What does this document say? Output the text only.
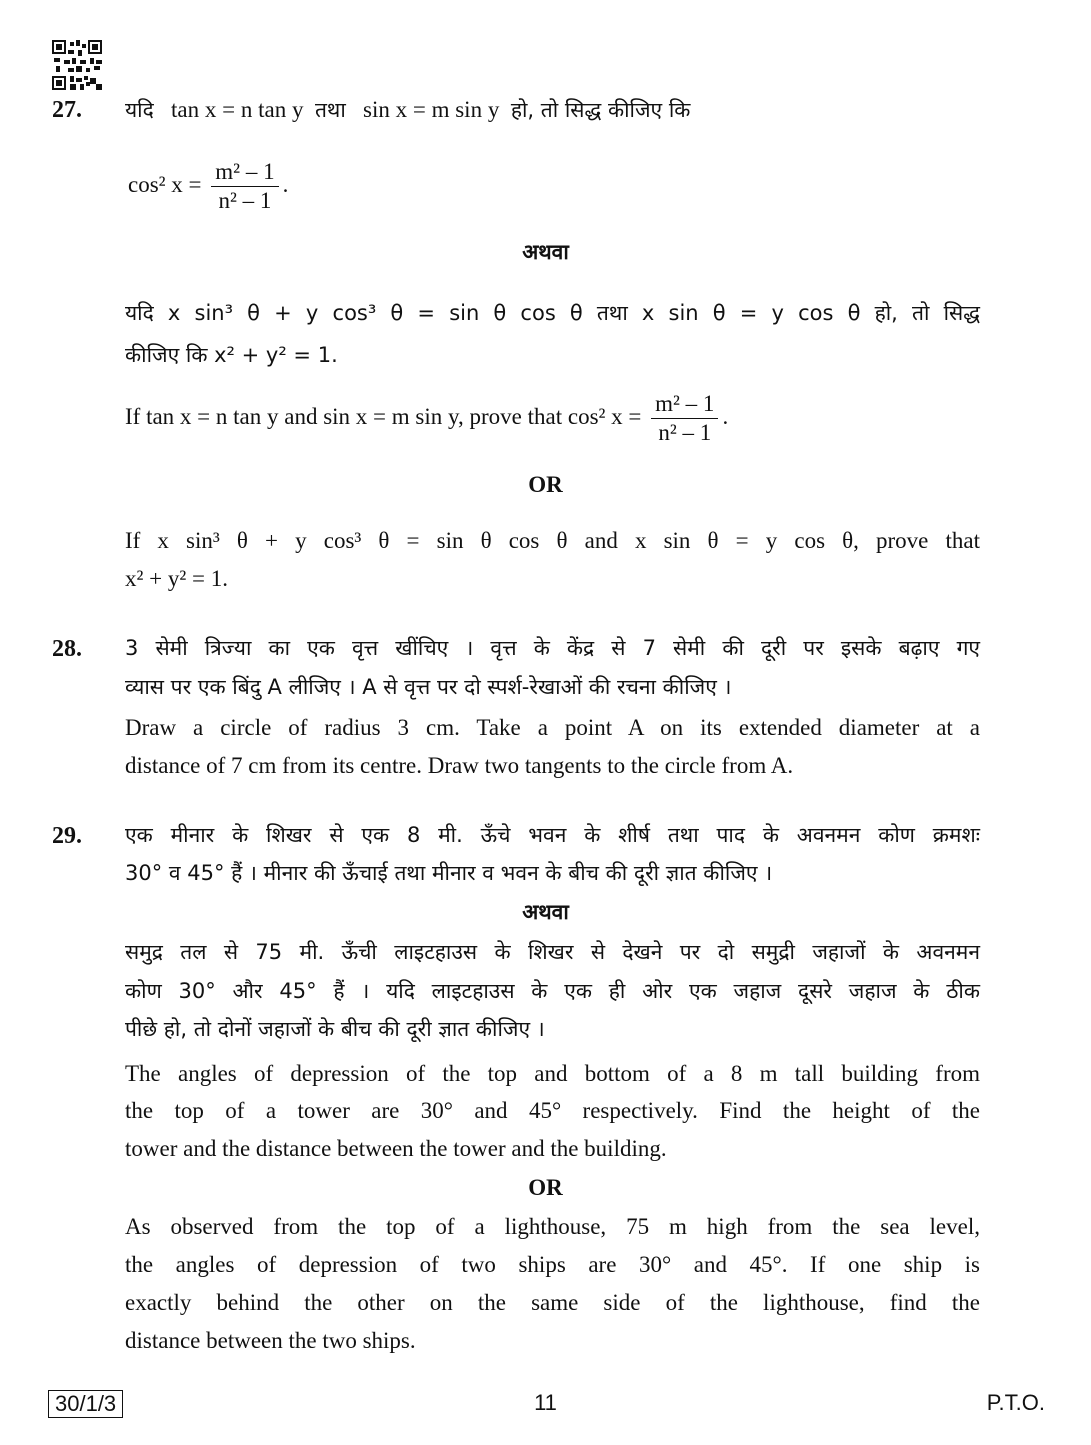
27. यदि tan x = n tan y तथा sin x = m sin y हो, तो सिद्ध कीजिए कि
cos² $x = \frac{\text{m² – 1}}{\text{n² – 1}}$ .
अथवा
यदि x sin³ θ + y cos³ θ = sin θ cos θ तथा x sin θ = y cos θ हो, तो सिद्ध
कीजिए कि x² + y² = 1.
If tan x = n tan y and sin x = m sin y, prove that cos² $x = \frac{\text{m² – 1}}{\text{n² – 1}}$ .
OR
If x sin³ θ + y cos³ θ = sin θ cos θ and x sin θ = y cos θ, prove that
x² + y² = 1.
28. 3 सेमी त्रिज्या का एक वृत्त खींचिए । वृत्त के केंद्र से 7 सेमी की दूरी पर इसके बढ़ाए गए
व्यास पर एक बिंदु A लीजिए । A से वृत्त पर दो स्पर्श-रेखाओं की रचना कीजिए ।
Draw a circle of radius 3 cm. Take a point A on its extended diameter at a
distance of 7 cm from its centre. Draw two tangents to the circle from A.
29. एक मीनार के शिखर से एक 8 मी. ऊँचे भवन के शीर्ष तथा पाद के अवनमन कोण क्रमशः
30° व 45° हैं । मीनार की ऊँचाई तथा मीनार व भवन के बीच की दूरी ज्ञात कीजिए ।
अथवा
समुद्र तल से 75 मी. ऊँची लाइटहाउस के शिखर से देखने पर दो समुद्री जहाजों के अवनमन
कोण 30° और 45° हैं । यदि लाइटहाउस के एक ही ओर एक जहाज दूसरे जहाज के ठीक
पीछे हो, तो दोनों जहाजों के बीच की दूरी ज्ञात कीजिए ।
The angles of depression of the top and bottom of a 8 m tall building from
the top of a tower are 30° and 45° respectively. Find the height of the
tower and the distance between the tower and the building.
OR
As observed from the top of a lighthouse, 75 m high from the sea level,
the angles of depression of two ships are 30° and 45°. If one ship is
exactly behind the other on the same side of the lighthouse, find the
distance between the two ships.
30/1/3	11	P.T.O.
